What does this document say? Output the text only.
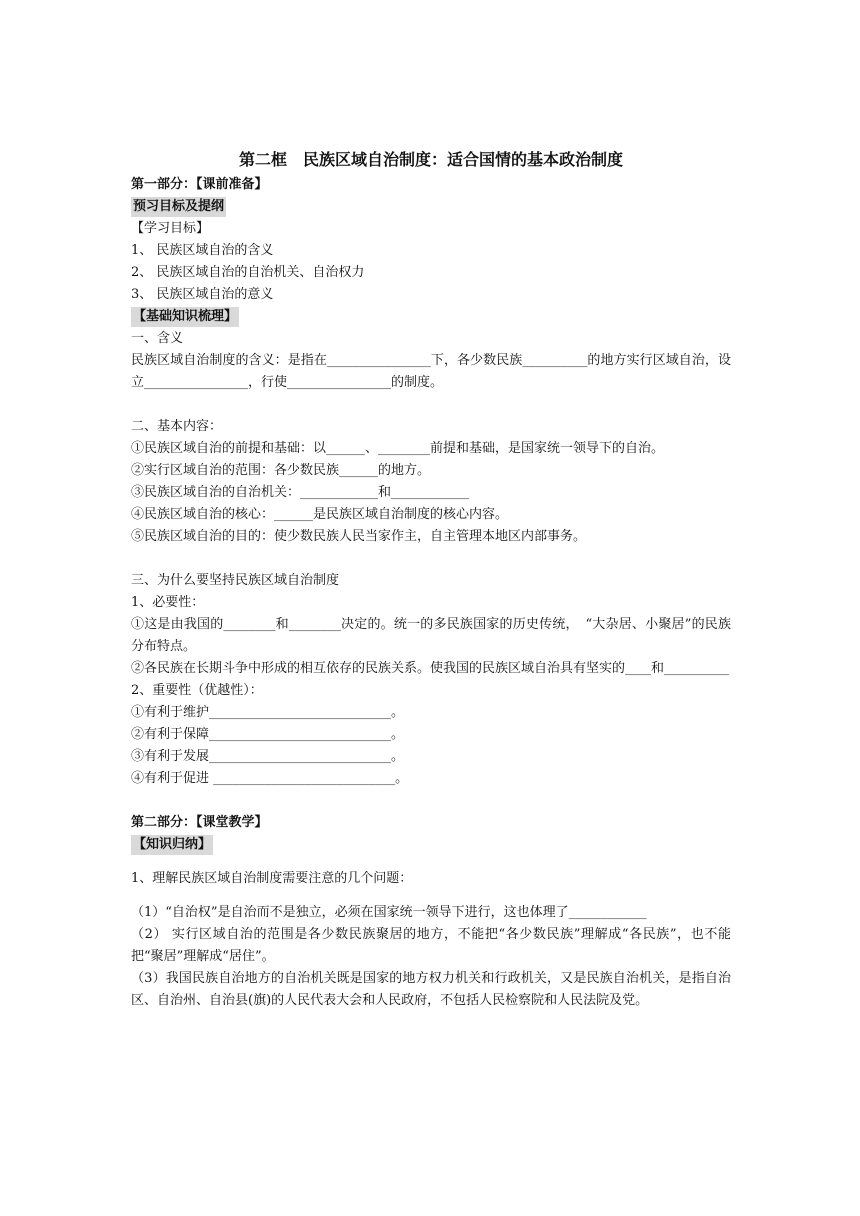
第二框　民族区域自治制度：适合国情的基本政治制度
第一部分：【课前准备】
预习目标及提纲
【学习目标】
1、 民族区域自治的含义
2、 民族区域自治的自治机关、自治权力
3、 民族区域自治的意义
【基础知识梳理】
一、含义
民族区域自治制度的含义：是指在________________下，各少数民族__________的地方实行区域自治，设立________________，行使________________的制度。
二、基本内容：
①民族区域自治的前提和基础：以______、________前提和基础，是国家统一领导下的自治。
②实行区域自治的范围：各少数民族______的地方。
③民族区域自治的自治机关：____________和____________
④民族区域自治的核心：______是民族区域自治制度的核心内容。
⑤民族区域自治的目的：使少数民族人民当家作主，自主管理本地区内部事务。
三、为什么要坚持民族区域自治制度
1、必要性：
①这是由我国的________和________决定的。统一的多民族国家的历史传统，　“大杂居、小聚居”的民族分布特点。
②各民族在长期斗争中形成的相互依存的民族关系。使我国的民族区域自治具有坚实的____和__________
2、重要性（优越性）：
①有利于维护____________________________。
②有利于保障____________________________。
③有利于发展____________________________。
④有利于促进 ____________________________。
第二部分：【课堂教学】
【知识归纳】
1、理解民族区域自治制度需要注意的几个问题：
（1）“自治权”是自治而不是独立，必须在国家统一领导下进行，这也体理了____________
（2） 实行区域自治的范围是各少数民族聚居的地方，不能把“各少数民族”理解成“各民族”，也不能把“聚居”理解成“居住”。
（3）我国民族自治地方的自治机关既是国家的地方权力机关和行政机关，又是民族自治机关，是指自治区、自治州、自治县(旗)的人民代表大会和人民政府，不包括人民检察院和人民法院及党。
